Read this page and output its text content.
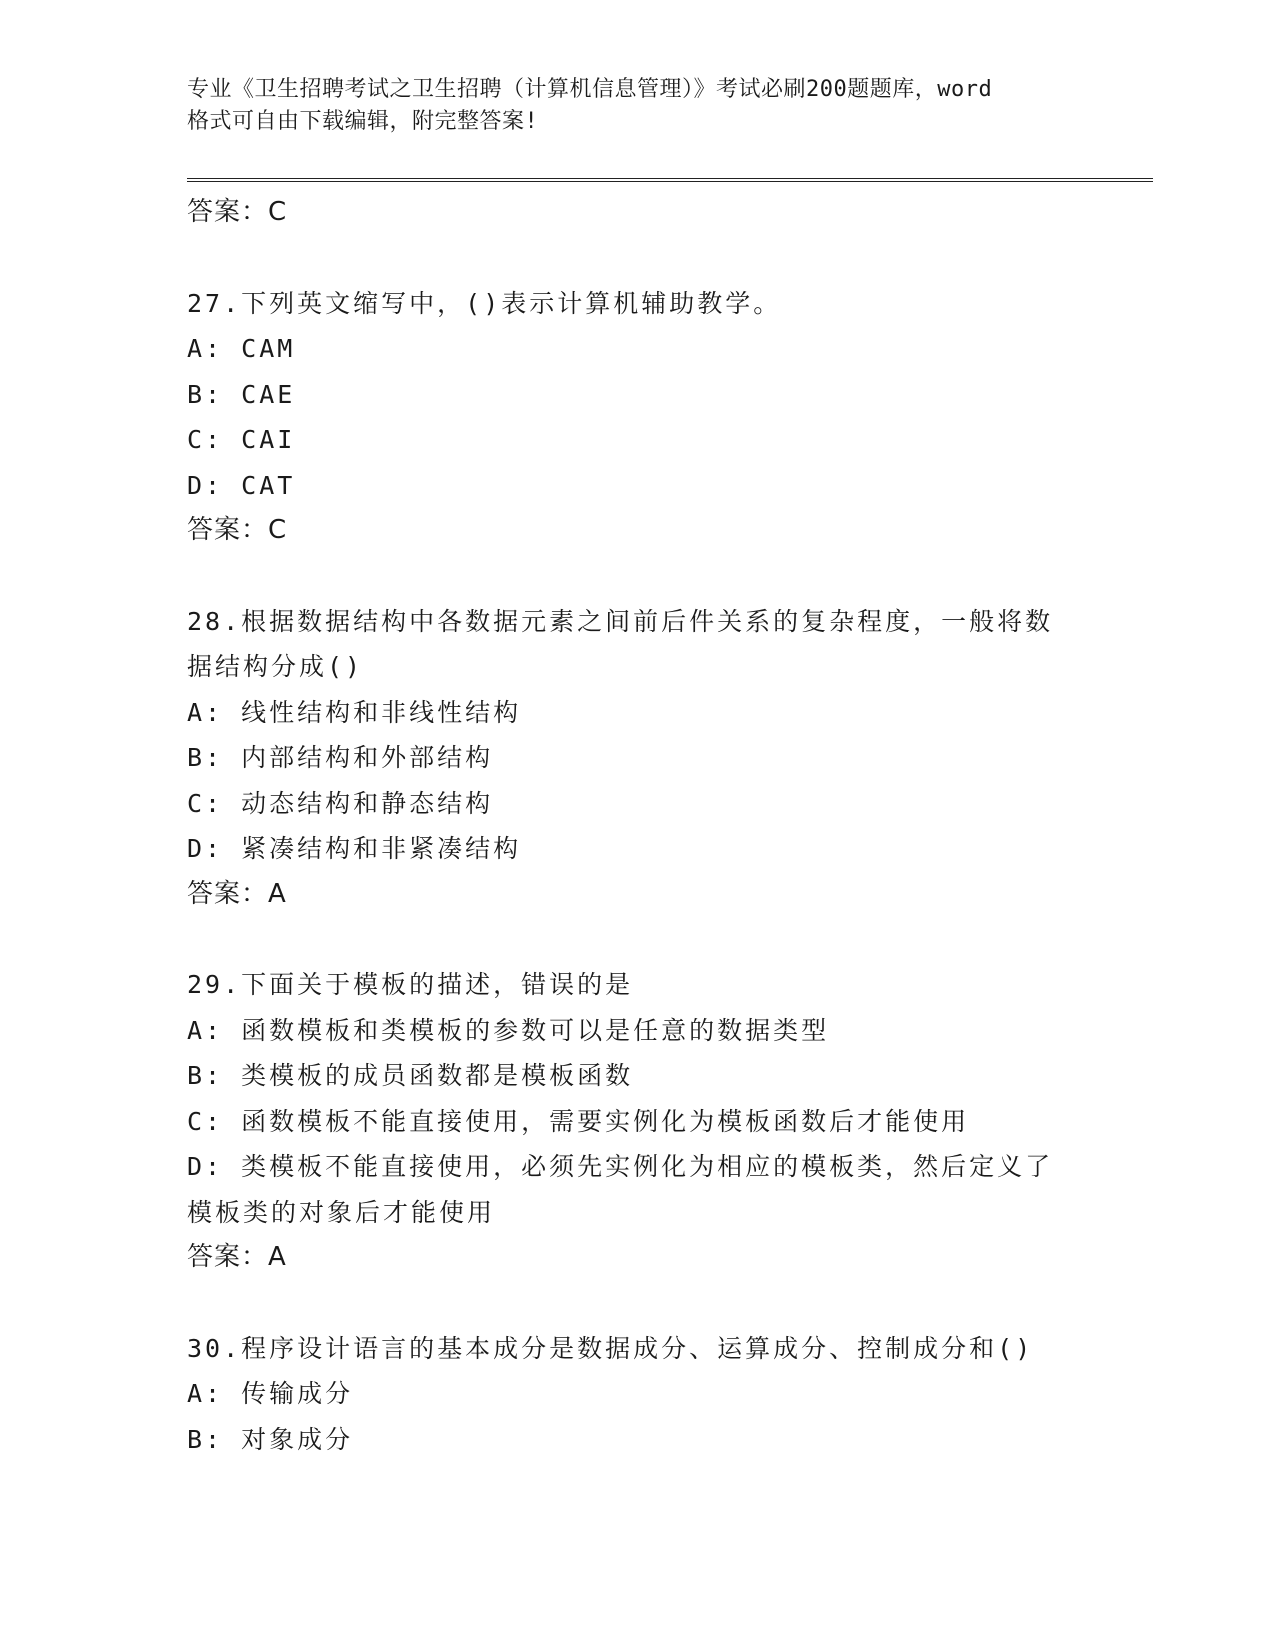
专业《卫生招聘考试之卫生招聘（计算机信息管理）》考试必刷200题题库，word
格式可自由下载编辑，附完整答案!
答案：C
27.下列英文缩写中，()表示计算机辅助教学。
A: CAM
B: CAE
C: CAI
D: CAT
答案：C
28.根据数据结构中各数据元素之间前后件关系的复杂程度，一般将数
据结构分成()
A: 线性结构和非线性结构
B: 内部结构和外部结构
C: 动态结构和静态结构
D: 紧凑结构和非紧凑结构
答案：A
29.下面关于模板的描述，错误的是
A: 函数模板和类模板的参数可以是任意的数据类型
B: 类模板的成员函数都是模板函数
C: 函数模板不能直接使用，需要实例化为模板函数后才能使用
D: 类模板不能直接使用，必须先实例化为相应的模板类，然后定义了
模板类的对象后才能使用
答案：A
30.程序设计语言的基本成分是数据成分、运算成分、控制成分和()
A: 传输成分
B: 对象成分
